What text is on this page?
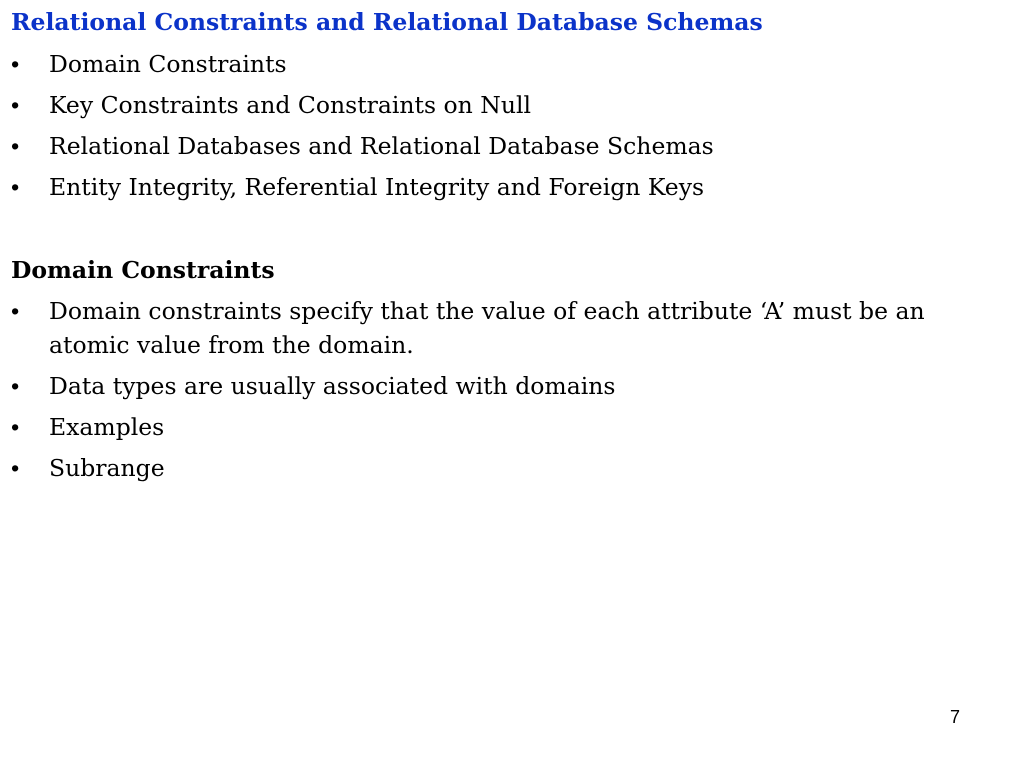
Relational Constraints and Relational Database Schemas
• Domain Constraints
• Key Constraints and Constraints on Null
• Relational Databases and Relational Database Schemas
• Entity Integrity, Referential Integrity and Foreign Keys
Domain Constraints
• Domain constraints specify that the value of each attribute ‘A’ must be an atomic value from the domain.
• Data types are usually associated with domains
• Examples
• Subrange
7
